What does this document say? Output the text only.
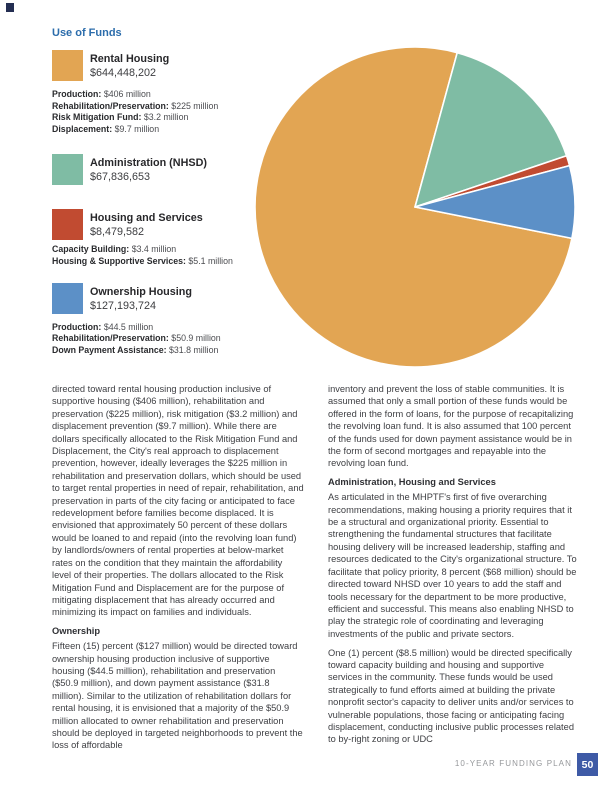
Use of Funds
Rental Housing
$644,448,202
Production: $406 million
Rehabilitation/Preservation: $225 million
Risk Mitigation Fund: $3.2 million
Displacement: $9.7 million
Administration (NHSD)
$67,836,653
Housing and Services
$8,479,582
Capacity Building: $3.4 million
Housing & Supportive Services: $5.1 million
Ownership Housing
$127,193,724
Production: $44.5 million
Rehabilitation/Preservation: $50.9 million
Down Payment Assistance: $31.8 million

directed toward rental housing production inclusive of supportive housing ($406 million), rehabilitation and preservation ($225 million), risk mitigation ($3.2 million) and displacement prevention ($9.7 million). While there are dollars specifically allocated to the Risk Mitigation Fund and Displacement, the City's real approach to displacement prevention, however, ideally leverages the $225 million in rehabilitation and preservation dollars, which should be used to target rental properties in need of repair, rehabilitation, and preservation in parts of the city facing or anticipated to face redevelopment before families become displaced. It is envisioned that approximately 50 percent of these dollars would be loaned to and repaid (into the revolving loan fund) by landlords/owners of rental properties at below-market rates on the condition that they maintain the affordability level of their properties. The dollars allocated to the Risk Mitigation Fund and Displacement are for the purpose of mitigating displacement that has already occurred and minimizing its impact on families and individuals.

Ownership

Fifteen (15) percent ($127 million) would be directed toward ownership housing production inclusive of supportive housing ($44.5 million), rehabilitation and preservation ($50.9 million), and down payment assistance ($31.8 million). Similar to the utilization of rehabilitation dollars for rental housing, it is envisioned that a majority of the $50.9 million allocated to owner rehabilitation and preservation should be deployed in targeted neighborhoods to prevent the loss of affordable

inventory and prevent the loss of stable communities. It is assumed that only a small portion of these funds would be offered in the form of loans, for the purpose of recapitalizing the revolving loan fund. It is also assumed that 100 percent of the funds used for down payment assistance would be in the form of second mortgages and repayable into the revolving loan fund.

Administration, Housing and Services

As articulated in the MHPTF's first of five overarching recommendations, making housing a priority requires that it be a structural and organizational priority. Essential to strengthening the fundamental structures that facilitate housing delivery will be increased leadership, staffing and resources dedicated to the City's organizational structure. To facilitate that policy priority, 8 percent ($68 million) should be directed toward NHSD over 10 years to add the staff and tools necessary for the department to be more productive, efficient and successful. This means also enabling NHSD to play the strategic role of coordinating and leveraging investments of the public and private sectors.

One (1) percent ($8.5 million) would be directed specifically toward capacity building and housing and supportive services in the community. These funds would be used strategically to fund efforts aimed at building the private nonprofit sector's capacity to deliver units and/or services to vulnerable populations, those facing or anticipating facing displacement, conducting inclusive public processes related to by-right zoning or UDC

10-YEAR FUNDING PLAN 50
